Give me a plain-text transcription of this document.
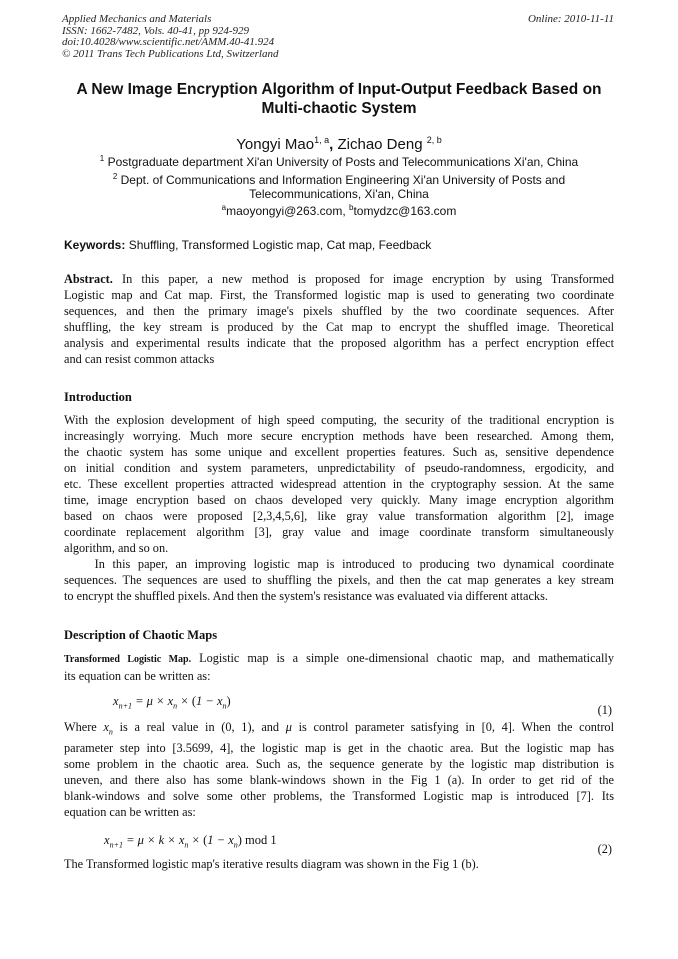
Applied Mechanics and Materials	Online: 2010-11-11
ISSN: 1662-7482, Vols. 40-41, pp 924-929
doi:10.4028/www.scientific.net/AMM.40-41.924
© 2011 Trans Tech Publications Ltd, Switzerland
A New Image Encryption Algorithm of Input-Output Feedback Based on
Multi-chaotic System
Yongyi Mao$^{1, a}$, Zichao Deng $^{2, b}$
$^1$ Postgraduate department Xi'an University of Posts and Telecommunications Xi'an, China
$^2$ Dept. of Communications and Information Engineering Xi'an University of Posts and
Telecommunications, Xi'an, China
$^a$maoyongyi@263.com, $^b$tomydzc@163.com
Keywords: Shuffling, Transformed Logistic map, Cat map, Feedback
Abstract. In this paper, a new method is proposed for image encryption by using Transformed
Logistic map and Cat map. First, the Transformed logistic map is used to generating two coordinate
sequences, and then the primary image's pixels shuffled by the two coordinate sequences. After
shuffling, the key stream is produced by the Cat map to encrypt the shuffled image. Theoretical
analysis and experimental results indicate that the proposed algorithm has a perfect encryption effect
and can resist common attacks
Introduction
With the explosion development of high speed computing, the security of the traditional encryption is
increasingly worrying. Much more secure encryption methods have been researched. Among them,
the chaotic system has some unique and excellent properties features. Such as, sensitive dependence
on initial condition and system parameters, unpredictability of pseudo-randomness, ergodicity, and
etc. These excellent properties attracted widespread attention in the cryptography session. At the same
time, image encryption based on chaos developed very quickly. Many image encryption algorithm
based on chaos were proposed [2,3,4,5,6], like gray value transformation algorithm [2], image
coordinate replacement algorithm [3], gray value and image coordinate transform simultaneously
algorithm, and so on.
In this paper, an improving logistic map is introduced to producing two dynamical coordinate
sequences. The sequences are used to shuffling the pixels, and then the cat map generates a key stream
to encrypt the shuffled pixels. And then the system's resistance was evaluated via different attacks.
Description of Chaotic Maps
Transformed Logistic Map. Logistic map is a simple one-dimensional chaotic map, and mathematically
its equation can be written as:
$x_{n+1} = \mu \times x_n \times (1 - x_n)$
(1)
Where $x_n$ is a real value in (0, 1), and μ is control parameter satisfying in [0, 4]. When the control
parameter step into [3.5699, 4], the logistic map is get in the chaotic area. But the logistic map has
some problem in the chaotic area. Such as, the sequence generate by the logistic map distribution is
uneven, and there also has some blank-windows shown in the Fig 1 (a). In order to get rid of the
blank-windows and solve some other problems, the Transformed Logistic map is introduced [7]. Its
equation can be written as:
$x_{n+1} = \mu \times k \times x_n \times (1 - x_n)$ mod 1
(2)
The Transformed logistic map's iterative results diagram was shown in the Fig 1 (b).
